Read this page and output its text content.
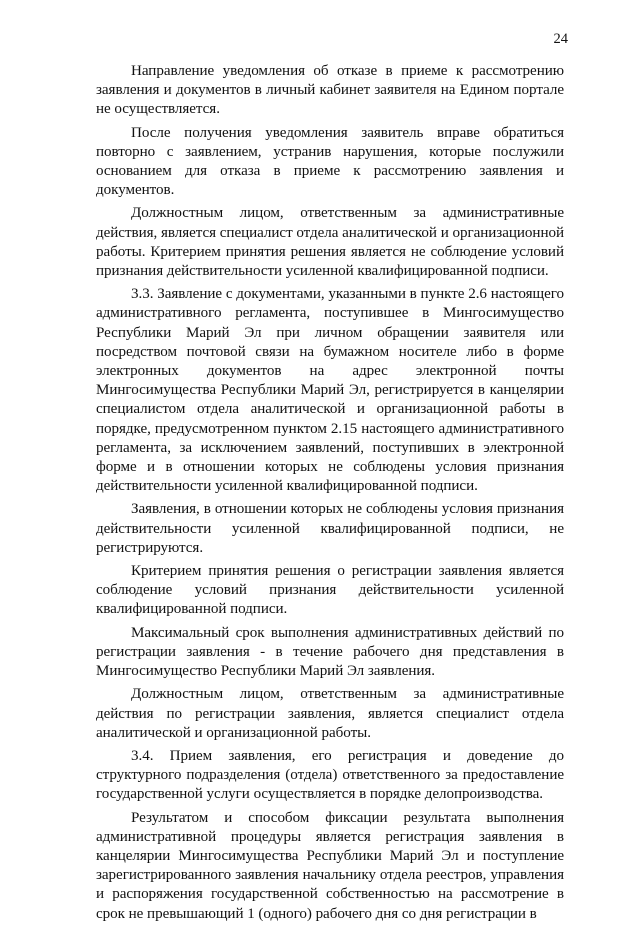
24

Направление уведомления об отказе в приеме к рассмотрению заявления и документов в личный кабинет заявителя на Едином портале не осуществляется.

После получения уведомления заявитель вправе обратиться повторно с заявлением, устранив нарушения, которые послужили основанием для отказа в приеме к рассмотрению заявления и документов.

Должностным лицом, ответственным за административные действия, является специалист отдела аналитической и организационной работы. Критерием принятия решения является не соблюдение условий признания действительности усиленной квалифицированной подписи.

3.3. Заявление с документами, указанными в пункте 2.6 настоящего административного регламента, поступившее в Мингосимущество Республики Марий Эл при личном обращении заявителя или посредством почтовой связи на бумажном носителе либо в форме электронных документов на адрес электронной почты Мингосимущества Республики Марий Эл, регистрируется в канцелярии специалистом отдела аналитической и организационной работы в порядке, предусмотренном пунктом 2.15 настоящего административного регламента, за исключением заявлений, поступивших в электронной форме и в отношении которых не соблюдены условия признания действительности усиленной квалифицированной подписи.

Заявления, в отношении которых не соблюдены условия признания действительности усиленной квалифицированной подписи, не регистрируются.

Критерием принятия решения о регистрации заявления является соблюдение условий признания действительности усиленной квалифицированной подписи.

Максимальный срок выполнения административных действий по регистрации заявления - в течение рабочего дня представления в Мингосимущество Республики Марий Эл заявления.

Должностным лицом, ответственным за административные действия по регистрации заявления, является специалист отдела аналитической и организационной работы.

3.4. Прием заявления, его регистрация и доведение до структурного подразделения (отдела) ответственного за предоставление государственной услуги осуществляется в порядке делопроизводства.

Результатом и способом фиксации результата выполнения административной процедуры является регистрация заявления в канцелярии Мингосимущества Республики Марий Эл и поступление зарегистрированного заявления начальнику отдела реестров, управления и распоряжения государственной собственностью на рассмотрение в срок не превышающий 1 (одного) рабочего дня со дня регистрации в
